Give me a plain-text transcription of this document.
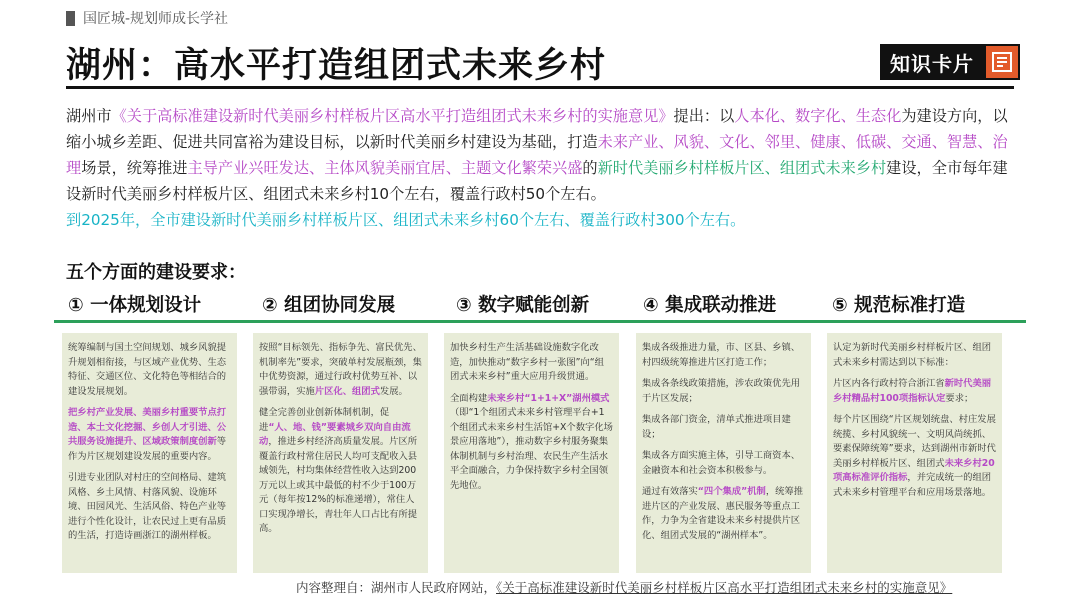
国匠城-规划师成长学社
湖州：高水平打造组团式未来乡村	知识卡片

湖州市《关于高标准建设新时代美丽乡村样板片区高水平打造组团式未来乡村的实施意见》提出：以人本化、数字化、生态化为建设方向，以缩小城乡差距、促进共同富裕为建设目标，以新时代美丽乡村建设为基础，打造未来产业、风貌、文化、邻里、健康、低碳、交通、智慧、治理场景，统筹推进主导产业兴旺发达、主体风貌美丽宜居、主题文化繁荣兴盛的新时代美丽乡村样板片区、组团式未来乡村建设，全市每年建设新时代美丽乡村样板片区、组团式未来乡村10个左右，覆盖行政村50个左右。

到2025年，全市建设新时代美丽乡村样板片区、组团式未来乡村60个左右、覆盖行政村300个左右。

五个方面的建设要求：
① 一体规划设计	② 组团协同发展	③ 数字赋能创新	④ 集成联动推进	⑤ 规范标准打造

统筹编制与国土空间规划、城乡风貌提升规划相衔接，与区域产业优势、生态特征、交通区位、文化特色等相结合的建设发展规划。

把乡村产业发展、美丽乡村重要节点打造、本土文化挖掘、乡创人才引进、公共服务设施提升、区域政策制度创新等作为片区规划建设发展的重要内容。

引进专业团队对村庄的空间格局、建筑风格、乡土风情、村落风貌、设施环境、田园风光、生活风俗、特色产业等进行个性化设计，让农民过上更有品质的生活，打造诗画浙江的湖州样板。

按照“目标领先、指标争先、富民优先、机制率先”要求，突破单村发展瓶颈，集中优势资源，通过行政村优势互补、以强带弱，实施片区化、组团式发展。

健全完善创业创新体制机制，促进“人、地、钱”要素城乡双向自由流动，推进乡村经济高质量发展。片区所覆盖行政村常住居民人均可支配收入县域领先，村均集体经营性收入达到200万元以上或其中最低的村不少于100万元（每年按12%的标准递增），常住人口实现净增长，青壮年人口占比有所提高。

加快乡村生产生活基础设施数字化改造，加快推动“数字乡村一张图”向“组团式未来乡村”重大应用升级贯通。

全面构建未来乡村“1+1+X”湖州模式（即“1个组团式未来乡村管理平台+1个组团式未来乡村生活馆+X个数字化场景应用落地”），推动数字乡村服务聚集体制机制与乡村治理、农民生产生活水平全面融合，力争保持数字乡村全国领先地位。

集成各级推进力量，市、区县、乡镇、村四级统筹推进片区打造工作；

集成各条线政策措施，涉农政策优先用于片区发展；

集成各部门资金，清单式推进项目建设；

集成各方面实施主体，引导工商资本、金融资本和社会资本积极参与。

通过有效落实“四个集成”机制，统筹推进片区的产业发展、惠民服务等重点工作，力争为全省建设未来乡村提供片区化、组团式发展的“湖州样本”。

认定为新时代美丽乡村样板片区、组团式未来乡村需达到以下标准：

片区内各行政村符合浙江省新时代美丽乡村精品村100项指标认定要求；

每个片区围绕“片区规划统盘、村庄发展统揽、乡村风貌统一、文明风尚统抓、要素保障统筹”要求，达到湖州市新时代美丽乡村样板片区、组团式未来乡村20项高标准评价指标，并完成统一的组团式未来乡村管理平台和应用场景落地。

内容整理自：湖州市人民政府网站，《关于高标准建设新时代美丽乡村样板片区高水平打造组团式未来乡村的实施意见》
